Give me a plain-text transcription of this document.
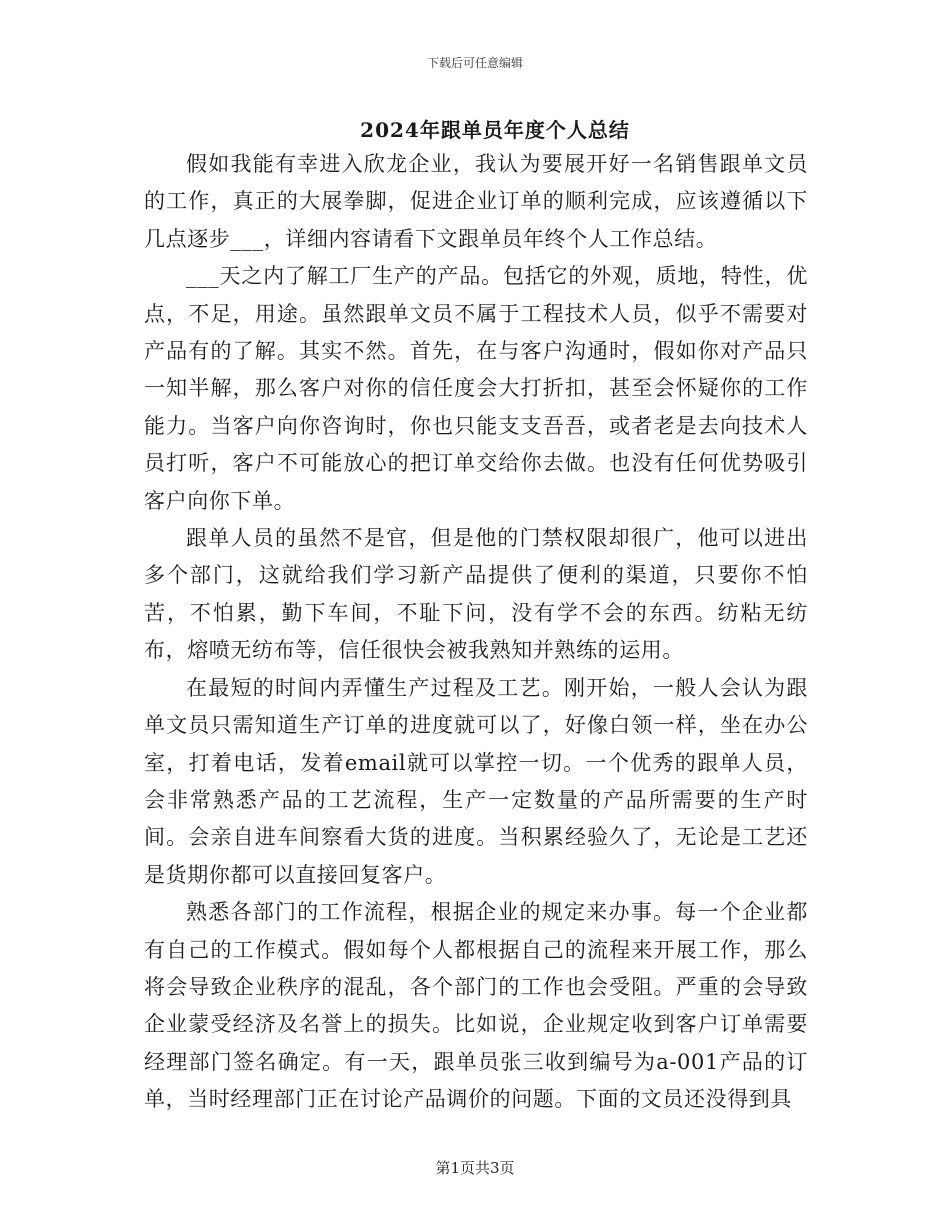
下载后可任意编辑
2024年跟单员年度个人总结

假如我能有幸进入欣龙企业，我认为要展开好一名销售跟单文员的工作，真正的大展拳脚，促进企业订单的顺利完成，应该遵循以下几点逐步___，详细内容请看下文跟单员年终个人工作总结。

___天之内了解工厂生产的产品。包括它的外观，质地，特性，优点，不足，用途。虽然跟单文员不属于工程技术人员，似乎不需要对产品有的了解。其实不然。首先，在与客户沟通时，假如你对产品只一知半解，那么客户对你的信任度会大打折扣，甚至会怀疑你的工作能力。当客户向你咨询时，你也只能支支吾吾，或者老是去向技术人员打听，客户不可能放心的把订单交给你去做。也没有任何优势吸引客户向你下单。

跟单人员的虽然不是官，但是他的门禁权限却很广，他可以进出多个部门，这就给我们学习新产品提供了便利的渠道，只要你不怕苦，不怕累，勤下车间，不耻下问，没有学不会的东西。纺粘无纺布，熔喷无纺布等，信任很快会被我熟知并熟练的运用。

在最短的时间内弄懂生产过程及工艺。刚开始，一般人会认为跟单文员只需知道生产订单的进度就可以了，好像白领一样，坐在办公室，打着电话，发着email就可以掌控一切。一个优秀的跟单人员，会非常熟悉产品的工艺流程，生产一定数量的产品所需要的生产时间。会亲自进车间察看大货的进度。当积累经验久了，无论是工艺还是货期你都可以直接回复客户。

熟悉各部门的工作流程，根据企业的规定来办事。每一个企业都有自己的工作模式。假如每个人都根据自己的流程来开展工作，那么将会导致企业秩序的混乱，各个部门的工作也会受阻。严重的会导致企业蒙受经济及名誉上的损失。比如说，企业规定收到客户订单需要经理部门签名确定。有一天，跟单员张三收到编号为a-001产品的订单，当时经理部门正在讨论产品调价的问题。下面的文员还没得到具

第1页共3页
